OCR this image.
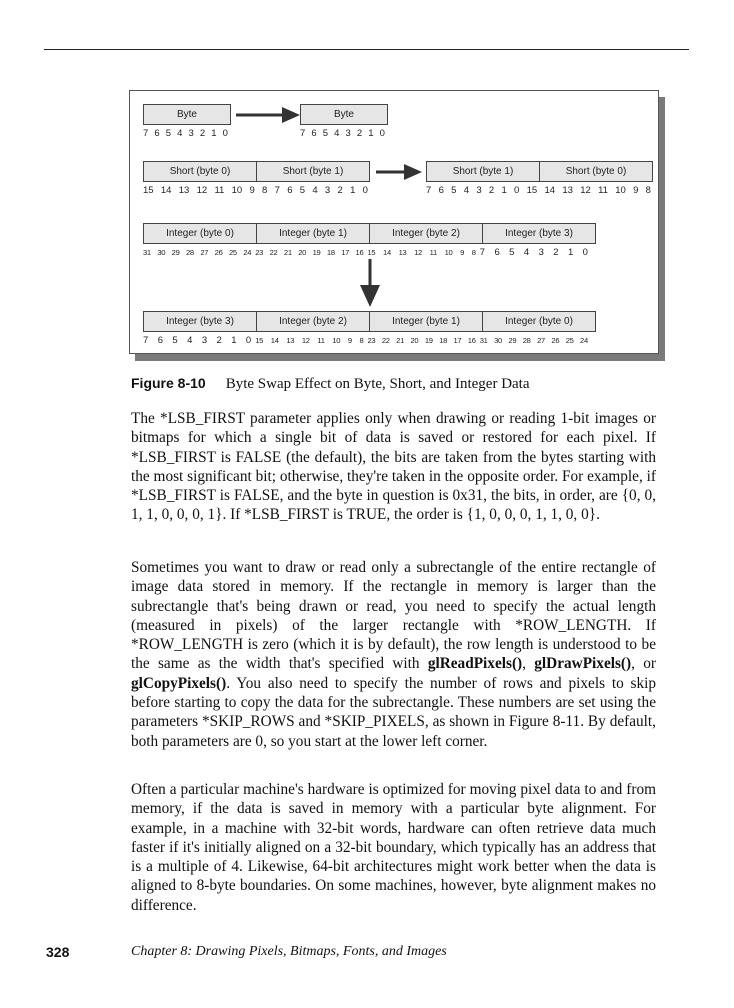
Byte
7 6 5 4 3 2 1 0
Byte
7 6 5 4 3 2 1 0
Short (byte 0)	Short (byte 1)
15 14 13 12 11 10 9 8 7 6 5 4 3 2 1 0
Short (byte 1)	Short (byte 0)
7 6 5 4 3 2 1 0 15 14 13 12 11 10 9 8
Integer (byte 0)	Integer (byte 1)	Integer (byte 2)	Integer (byte 3)
31 30 29 28 27 26 25 24 23 22 21 20 19 18 17 16 15 14 13 12 11 10 9 8 7 6 5 4 3 2 1 0
Integer (byte 3)	Integer (byte 2)	Integer (byte 1)	Integer (byte 0)
7 6 5 4 3 2 1 0 15 14 13 12 11 10 9 8 23 22 21 20 19 18 17 16 31 30 29 28 27 26 25 24
Figure 8-10 Byte Swap Effect on Byte, Short, and Integer Data

The *LSB_FIRST parameter applies only when drawing or reading 1-bit images or bitmaps for which a single bit of data is saved or restored for each pixel. If *LSB_FIRST is FALSE (the default), the bits are taken from the bytes starting with the most significant bit; otherwise, they're taken in the opposite order. For example, if *LSB_FIRST is FALSE, and the byte in question is 0x31, the bits, in order, are {0, 0, 1, 1, 0, 0, 0, 1}. If *LSB_FIRST is TRUE, the order is {1, 0, 0, 0, 1, 1, 0, 0}.

Sometimes you want to draw or read only a subrectangle of the entire rectangle of image data stored in memory. If the rectangle in memory is larger than the subrectangle that's being drawn or read, you need to specify the actual length (measured in pixels) of the larger rectangle with *ROW_LENGTH. If *ROW_LENGTH is zero (which it is by default), the row length is understood to be the same as the width that's specified with glReadPixels(), glDrawPixels(), or glCopyPixels(). You also need to specify the number of rows and pixels to skip before starting to copy the data for the subrectangle. These numbers are set using the parameters *SKIP_ROWS and *SKIP_PIXELS, as shown in Figure 8-11. By default, both parameters are 0, so you start at the lower left corner.

Often a particular machine's hardware is optimized for moving pixel data to and from memory, if the data is saved in memory with a particular byte alignment. For example, in a machine with 32-bit words, hardware can often retrieve data much faster if it's initially aligned on a 32-bit boundary, which typically has an address that is a multiple of 4. Likewise, 64-bit architectures might work better when the data is aligned to 8-byte boundaries. On some machines, however, byte alignment makes no difference.

328	Chapter 8: Drawing Pixels, Bitmaps, Fonts, and Images
